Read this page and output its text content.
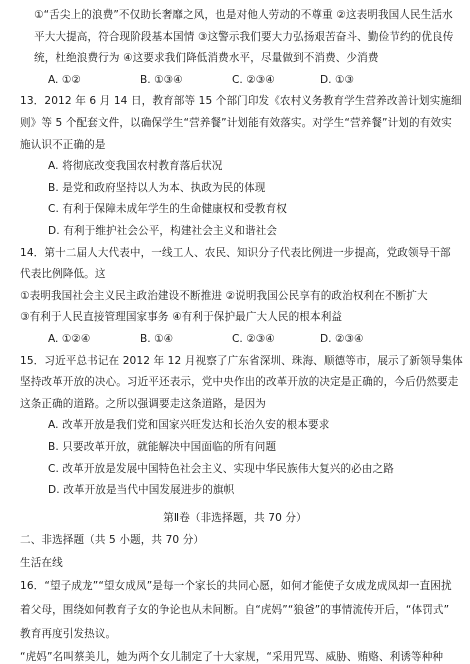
①“舌尖上的浪费”不仅助长奢靡之风，也是对他人劳动的不尊重 ②这表明我国人民生活水
平大大提高，符合现阶段基本国情 ③这警示我们要大力弘扬艰苦奋斗、勤俭节约的优良传
统，杜绝浪费行为 ④这要求我们降低消费水平，尽量做到不消费、少消费
A. ①②	B. ①③④	C. ②③④	D. ①③
13．2012 年 6 月 14 日，教育部等 15 个部门印发《农村义务教育学生营养改善计划实施细
则》等 5 个配套文件，以确保学生“营养餐”计划能有效落实。对学生“营养餐”计划的有效实
施认识不正确的是
A. 将彻底改变我国农村教育落后状况
B. 是党和政府坚持以人为本、执政为民的体现
C. 有利于保障未成年学生的生命健康权和受教育权
D. 有利于维护社会公平，构建社会主义和谐社会
14．第十二届人大代表中，一线工人、农民、知识分子代表比例进一步提高，党政领导干部
代表比例降低。这
①表明我国社会主义民主政治建设不断推进 ②说明我国公民享有的政治权利在不断扩大
③有利于人民直接管理国家事务 ④有利于保护最广大人民的根本利益
A. ①②④	B. ①④	C. ②③④	D. ②③④
15．习近平总书记在 2012 年 12 月视察了广东省深圳、珠海、顺德等市，展示了新领导集体
坚持改革开放的决心。习近平还表示，党中央作出的改革开放的决定是正确的，今后仍然要走
这条正确的道路。之所以强调要走这条道路，是因为
A. 改革开放是我们党和国家兴旺发达和长治久安的根本要求
B. 只要改革开放，就能解决中国面临的所有问题
C. 改革开放是发展中国特色社会主义、实现中华民族伟大复兴的必由之路
D. 改革开放是当代中国发展进步的旗帜
第Ⅱ卷（非选择题，共 70 分）
二、非选择题（共 5 小题，共 70 分）
生活在线
16．“望子成龙”“望女成凤”是每一个家长的共同心愿，如何才能使子女成龙成凤却一直困扰
着父母，围绕如何教育子女的争论也从未间断。自“虎妈”“狼爸”的事情流传开后，“体罚式”
教育再度引发热议。
“虎妈”名叫蔡美儿，她为两个女儿制定了十大家规，“采用咒骂、威胁、贿赂、利诱等种种
